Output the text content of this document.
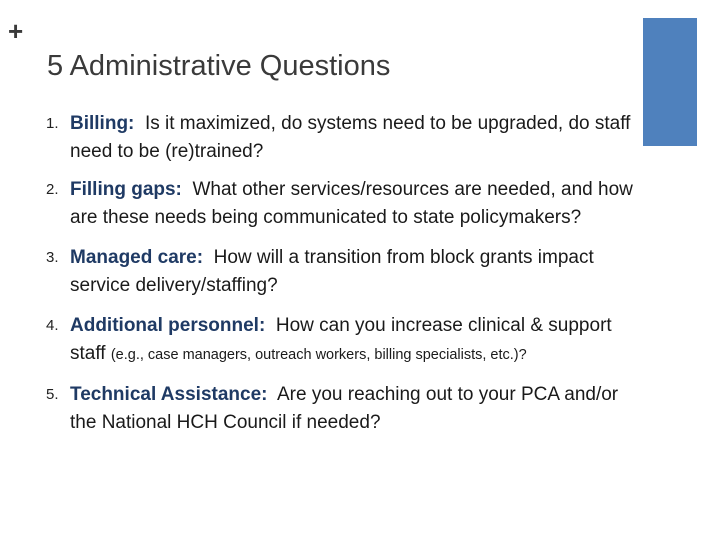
+
5 Administrative Questions
1. Billing: Is it maximized, do systems need to be upgraded, do staff need to be (re)trained?
2. Filling gaps: What other services/resources are needed, and how are these needs being communicated to state policymakers?
3. Managed care: How will a transition from block grants impact service delivery/staffing?
4. Additional personnel: How can you increase clinical & support staff (e.g., case managers, outreach workers, billing specialists, etc.)?
5. Technical Assistance: Are you reaching out to your PCA and/or the National HCH Council if needed?
